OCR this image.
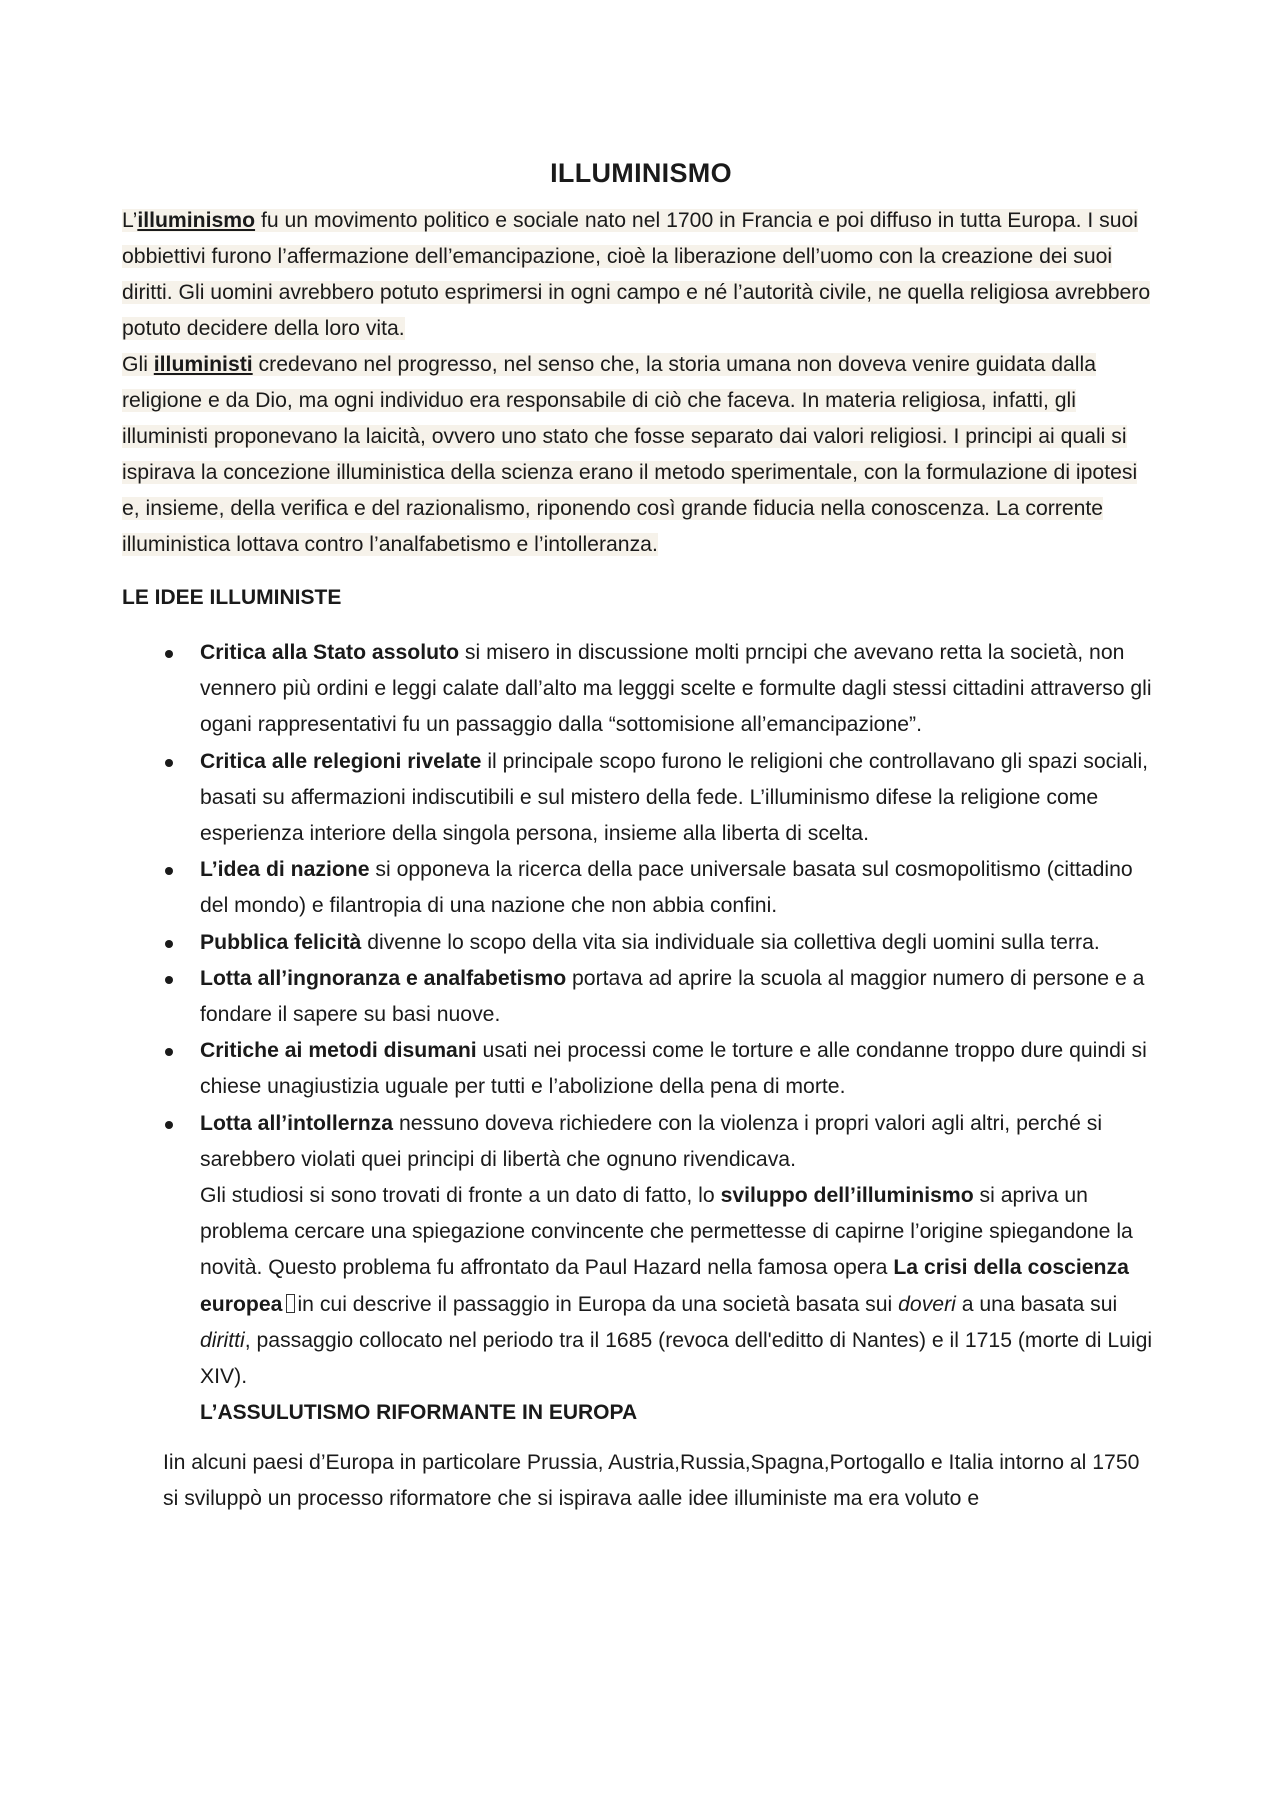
ILLUMINISMO

L’illuminismo fu un movimento politico e sociale nato nel 1700 in Francia e poi diffuso in tutta Europa. I suoi obbiettivi furono l’affermazione dell’emancipazione, cioè la liberazione dell’uomo con la creazione dei suoi diritti. Gli uomini avrebbero potuto esprimersi in ogni campo e né l’autorità civile, ne quella religiosa avrebbero potuto decidere della loro vita.
Gli illuministi credevano nel progresso, nel senso che, la storia umana non doveva venire guidata dalla religione e da Dio, ma ogni individuo era responsabile di ciò che faceva. In materia religiosa, infatti, gli illuministi proponevano la laicità, ovvero uno stato che fosse separato dai valori religiosi. I principi ai quali si ispirava la concezione illuministica della scienza erano il metodo sperimentale, con la formulazione di ipotesi e, insieme, della verifica e del razionalismo, riponendo così grande fiducia nella conoscenza. La corrente illuministica lottava contro l’analfabetismo e l’intolleranza.

LE IDEE ILLUMINISTE
Critica alla Stato assoluto si misero in discussione molti prncipi che avevano retta la società, non vennero più ordini e leggi calate dall’alto ma legggi scelte e formulte dagli stessi cittadini attraverso gli ogani rappresentativi fu un passaggio dalla “sottomisione all’emancipazione”.
Critica alle relegioni rivelate il principale scopo furono le religioni che controllavano gli spazi sociali, basati su affermazioni indiscutibili e sul mistero della fede. L’illuminismo difese la religione come esperienza interiore della singola persona, insieme alla liberta di scelta.
L’idea di nazione si opponeva la ricerca della pace universale basata sul cosmopolitismo (cittadino del mondo) e filantropia di una nazione che non abbia confini.
Pubblica felicità divenne lo scopo della vita sia individuale sia collettiva degli uomini sulla terra.
Lotta all’ingnoranza e analfabetismo portava ad aprire la scuola al maggior numero di persone e a fondare il sapere su basi nuove.
Critiche ai metodi disumani usati nei processi come le torture e alle condanne troppo dure quindi si chiese unagiustizia uguale per tutti e l’abolizione della pena di morte.
Lotta all’intollernza nessuno doveva richiedere con la violenza i propri valori agli altri, perché si sarebbero violati quei principi di libertà che ognuno rivendicava.

Gli studiosi si sono trovati di fronte a un dato di fatto, lo sviluppo dell’illuminismo si apriva un problema cercare una spiegazione convincente che permettesse di capirne l’origine spiegandone la novità. Questo problema fu affrontato da Paul Hazard nella famosa opera La crisi della coscienza europea in cui descrive il passaggio in Europa da una società basata sui doveri a una basata sui diritti, passaggio collocato nel periodo tra il 1685 (revoca dell'editto di Nantes) e il 1715 (morte di Luigi XIV).

L’ASSULUTISMO RIFORMANTE IN EUROPA

Iin alcuni paesi d’Europa in particolare Prussia, Austria,Russia,Spagna,Portogallo e Italia intorno al 1750 si sviluppò un processo riformatore che si ispirava aalle idee illuministe ma era voluto e
